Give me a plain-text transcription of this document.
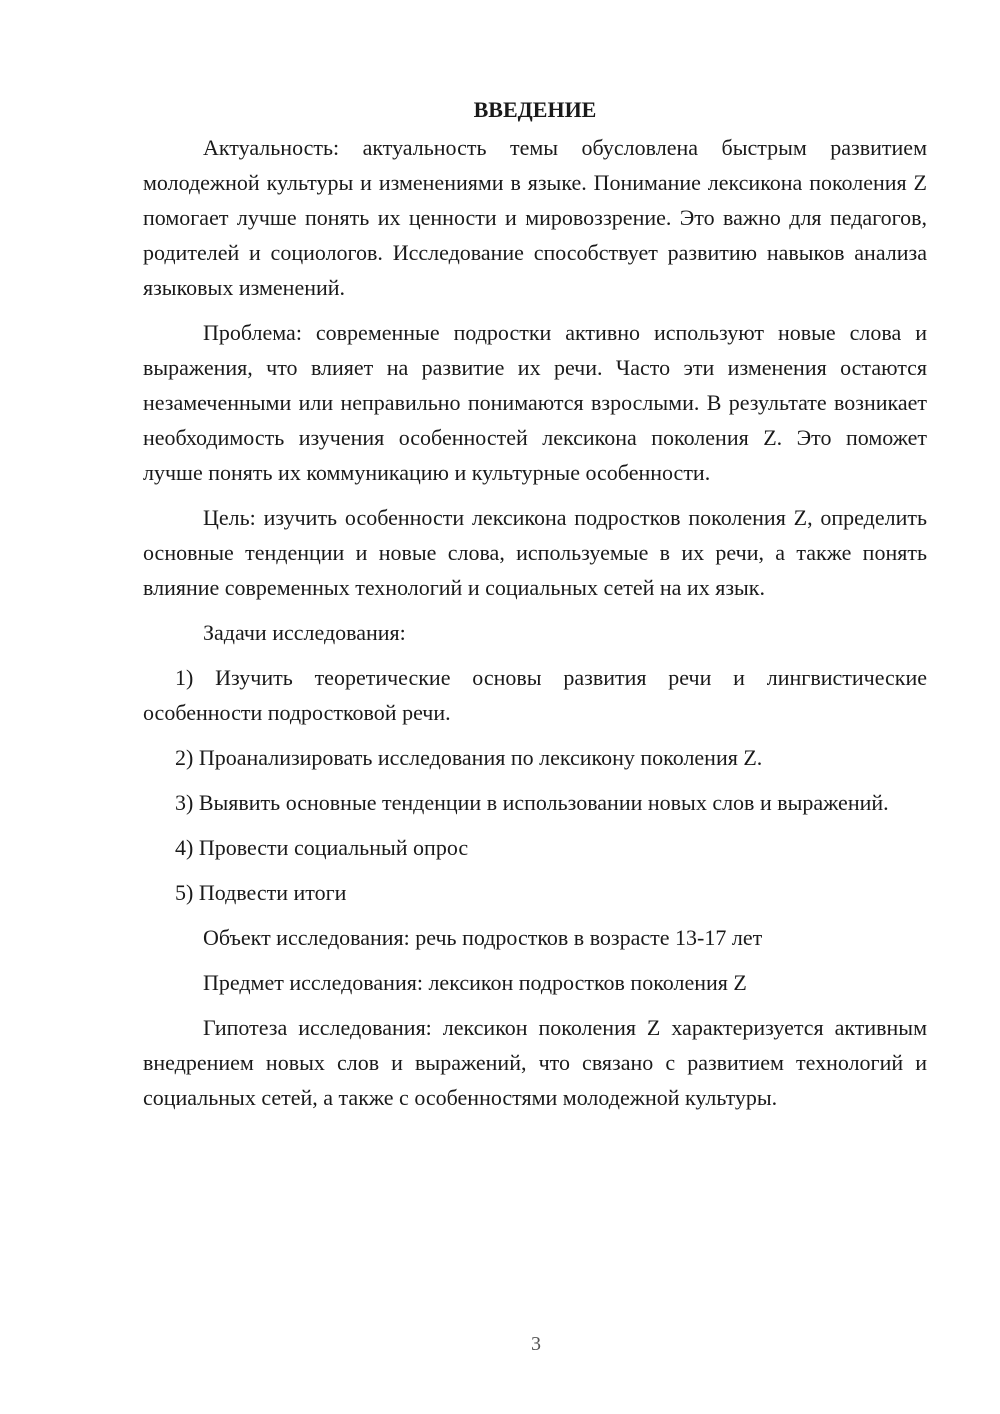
ВВЕДЕНИЕ

Актуальность: актуальность темы обусловлена быстрым развитием молодежной культуры и изменениями в языке. Понимание лексикона поколения Z помогает лучше понять их ценности и мировоззрение. Это важно для педагогов, родителей и социологов. Исследование способствует развитию навыков анализа языковых изменений.

Проблема: современные подростки активно используют новые слова и выражения, что влияет на развитие их речи. Часто эти изменения остаются незамеченными или неправильно понимаются взрослыми. В результате возникает необходимость изучения особенностей лексикона поколения Z. Это поможет лучше понять их коммуникацию и культурные особенности.

Цель: изучить особенности лексикона подростков поколения Z, определить основные тенденции и новые слова, используемые в их речи, а также понять влияние современных технологий и социальных сетей на их язык.

Задачи исследования:

1) Изучить теоретические основы развития речи и лингвистические особенности подростковой речи.

2) Проанализировать исследования по лексикону поколения Z.

3) Выявить основные тенденции в использовании новых слов и выражений.

4) Провести социальный опрос

5) Подвести итоги

Объект исследования: речь подростков в возрасте 13-17 лет

Предмет исследования: лексикон подростков поколения Z

Гипотеза исследования: лексикон поколения Z характеризуется активным внедрением новых слов и выражений, что связано с развитием технологий и социальных сетей, а также с особенностями молодежной культуры.

3
